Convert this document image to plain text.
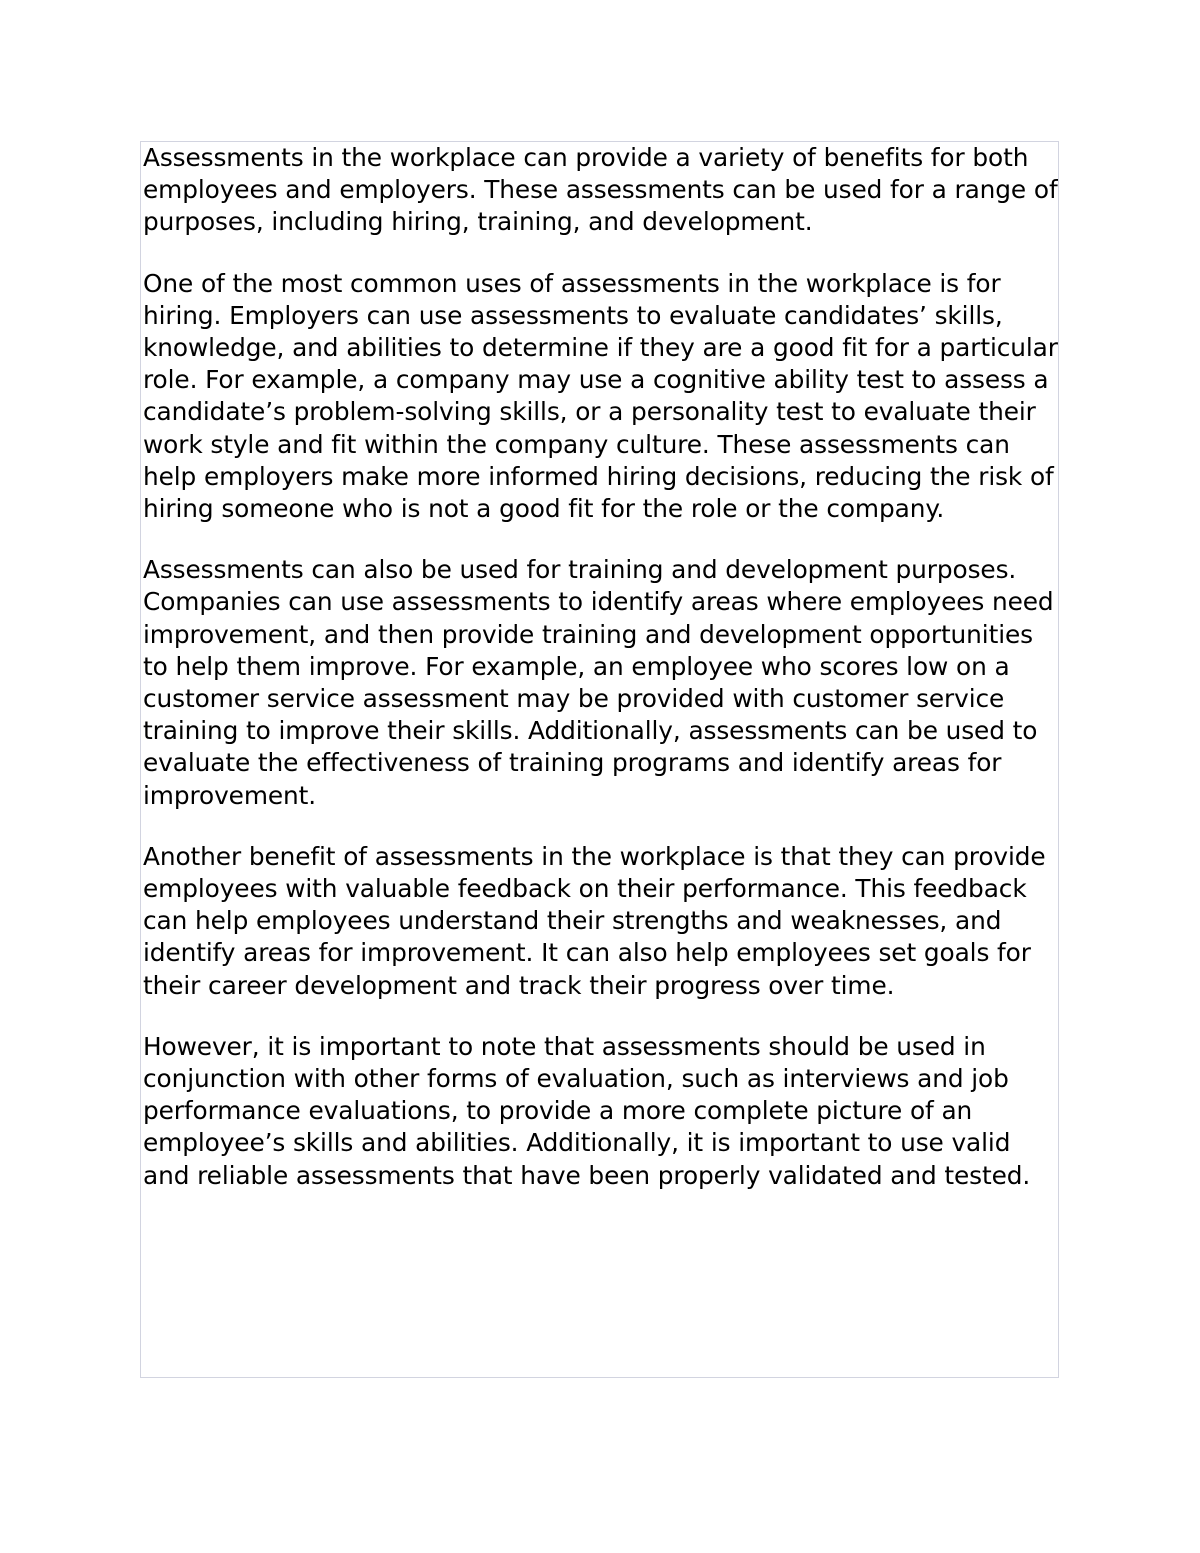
Assessments in the workplace can provide a variety of benefits for both employees and employers. These assessments can be used for a range of purposes, including hiring, training, and development.

One of the most common uses of assessments in the workplace is for hiring. Employers can use assessments to evaluate candidates’ skills, knowledge, and abilities to determine if they are a good fit for a particular role. For example, a company may use a cognitive ability test to assess a candidate’s problem-solving skills, or a personality test to evaluate their work style and fit within the company culture. These assessments can help employers make more informed hiring decisions, reducing the risk of hiring someone who is not a good fit for the role or the company.

Assessments can also be used for training and development purposes. Companies can use assessments to identify areas where employees need improvement, and then provide training and development opportunities to help them improve. For example, an employee who scores low on a customer service assessment may be provided with customer service training to improve their skills. Additionally, assessments can be used to evaluate the effectiveness of training programs and identify areas for improvement.

Another benefit of assessments in the workplace is that they can provide employees with valuable feedback on their performance. This feedback can help employees understand their strengths and weaknesses, and identify areas for improvement. It can also help employees set goals for their career development and track their progress over time.

However, it is important to note that assessments should be used in conjunction with other forms of evaluation, such as interviews and job performance evaluations, to provide a more complete picture of an employee’s skills and abilities. Additionally, it is important to use valid and reliable assessments that have been properly validated and tested.
